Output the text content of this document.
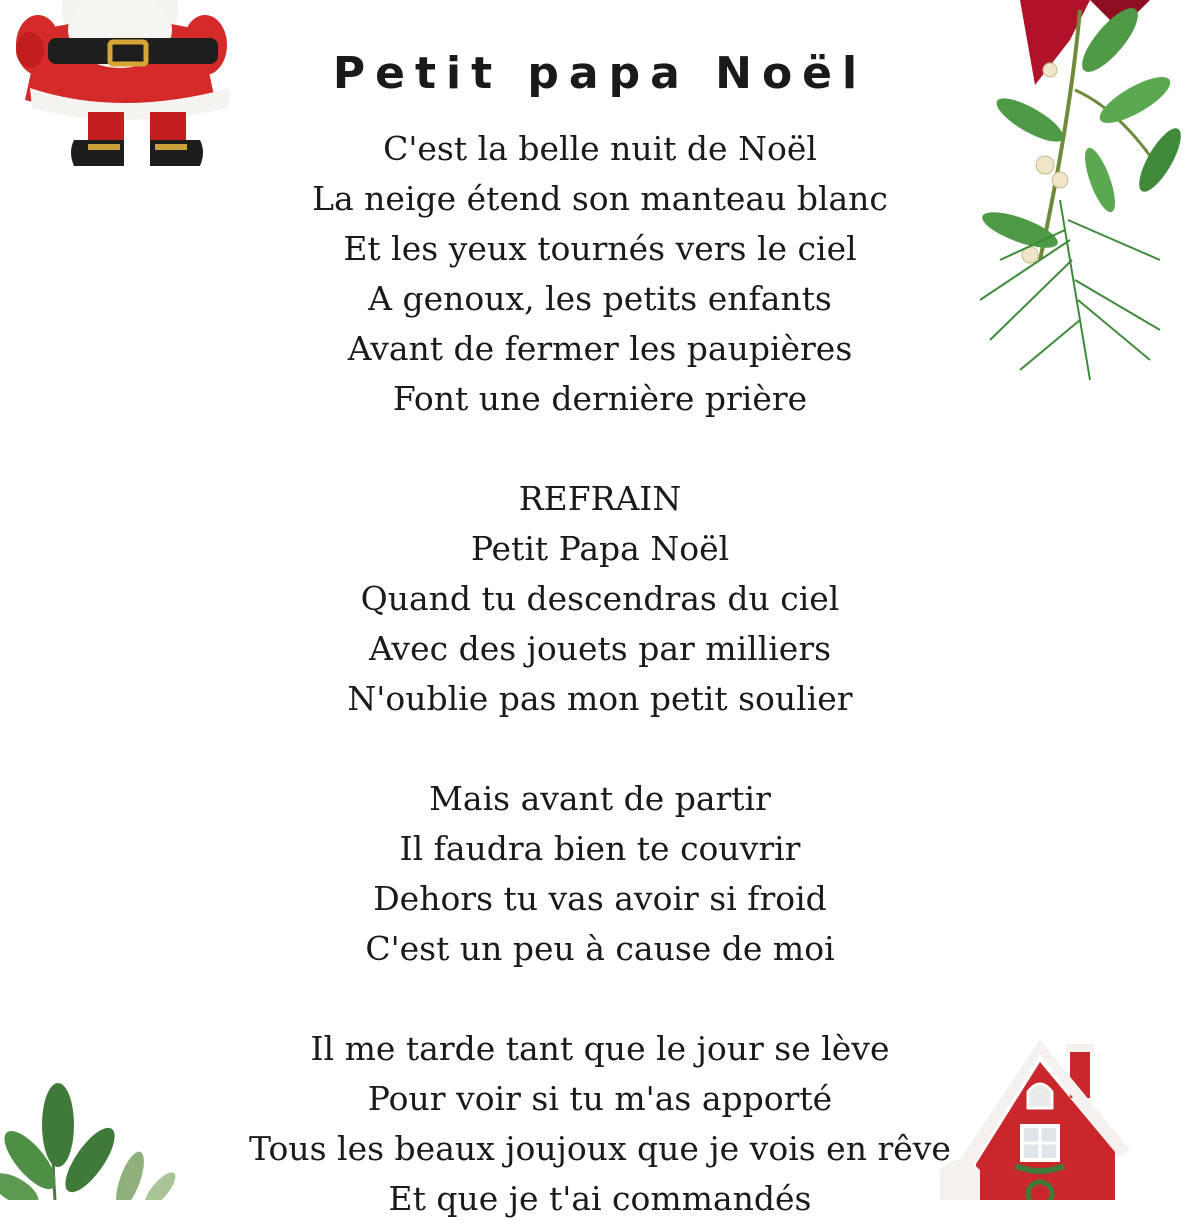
Petit papa Noël
C'est la belle nuit de Noël
La neige étend son manteau blanc
Et les yeux tournés vers le ciel
A genoux, les petits enfants
Avant de fermer les paupières
Font une dernière prière
REFRAIN
Petit Papa Noël
Quand tu descendras du ciel
Avec des jouets par milliers
N'oublie pas mon petit soulier
Mais avant de partir
Il faudra bien te couvrir
Dehors tu vas avoir si froid
C'est un peu à cause de moi
Il me tarde tant que le jour se lève
Pour voir si tu m'as apporté
Tous les beaux joujoux que je vois en rêve
Et que je t'ai commandés
